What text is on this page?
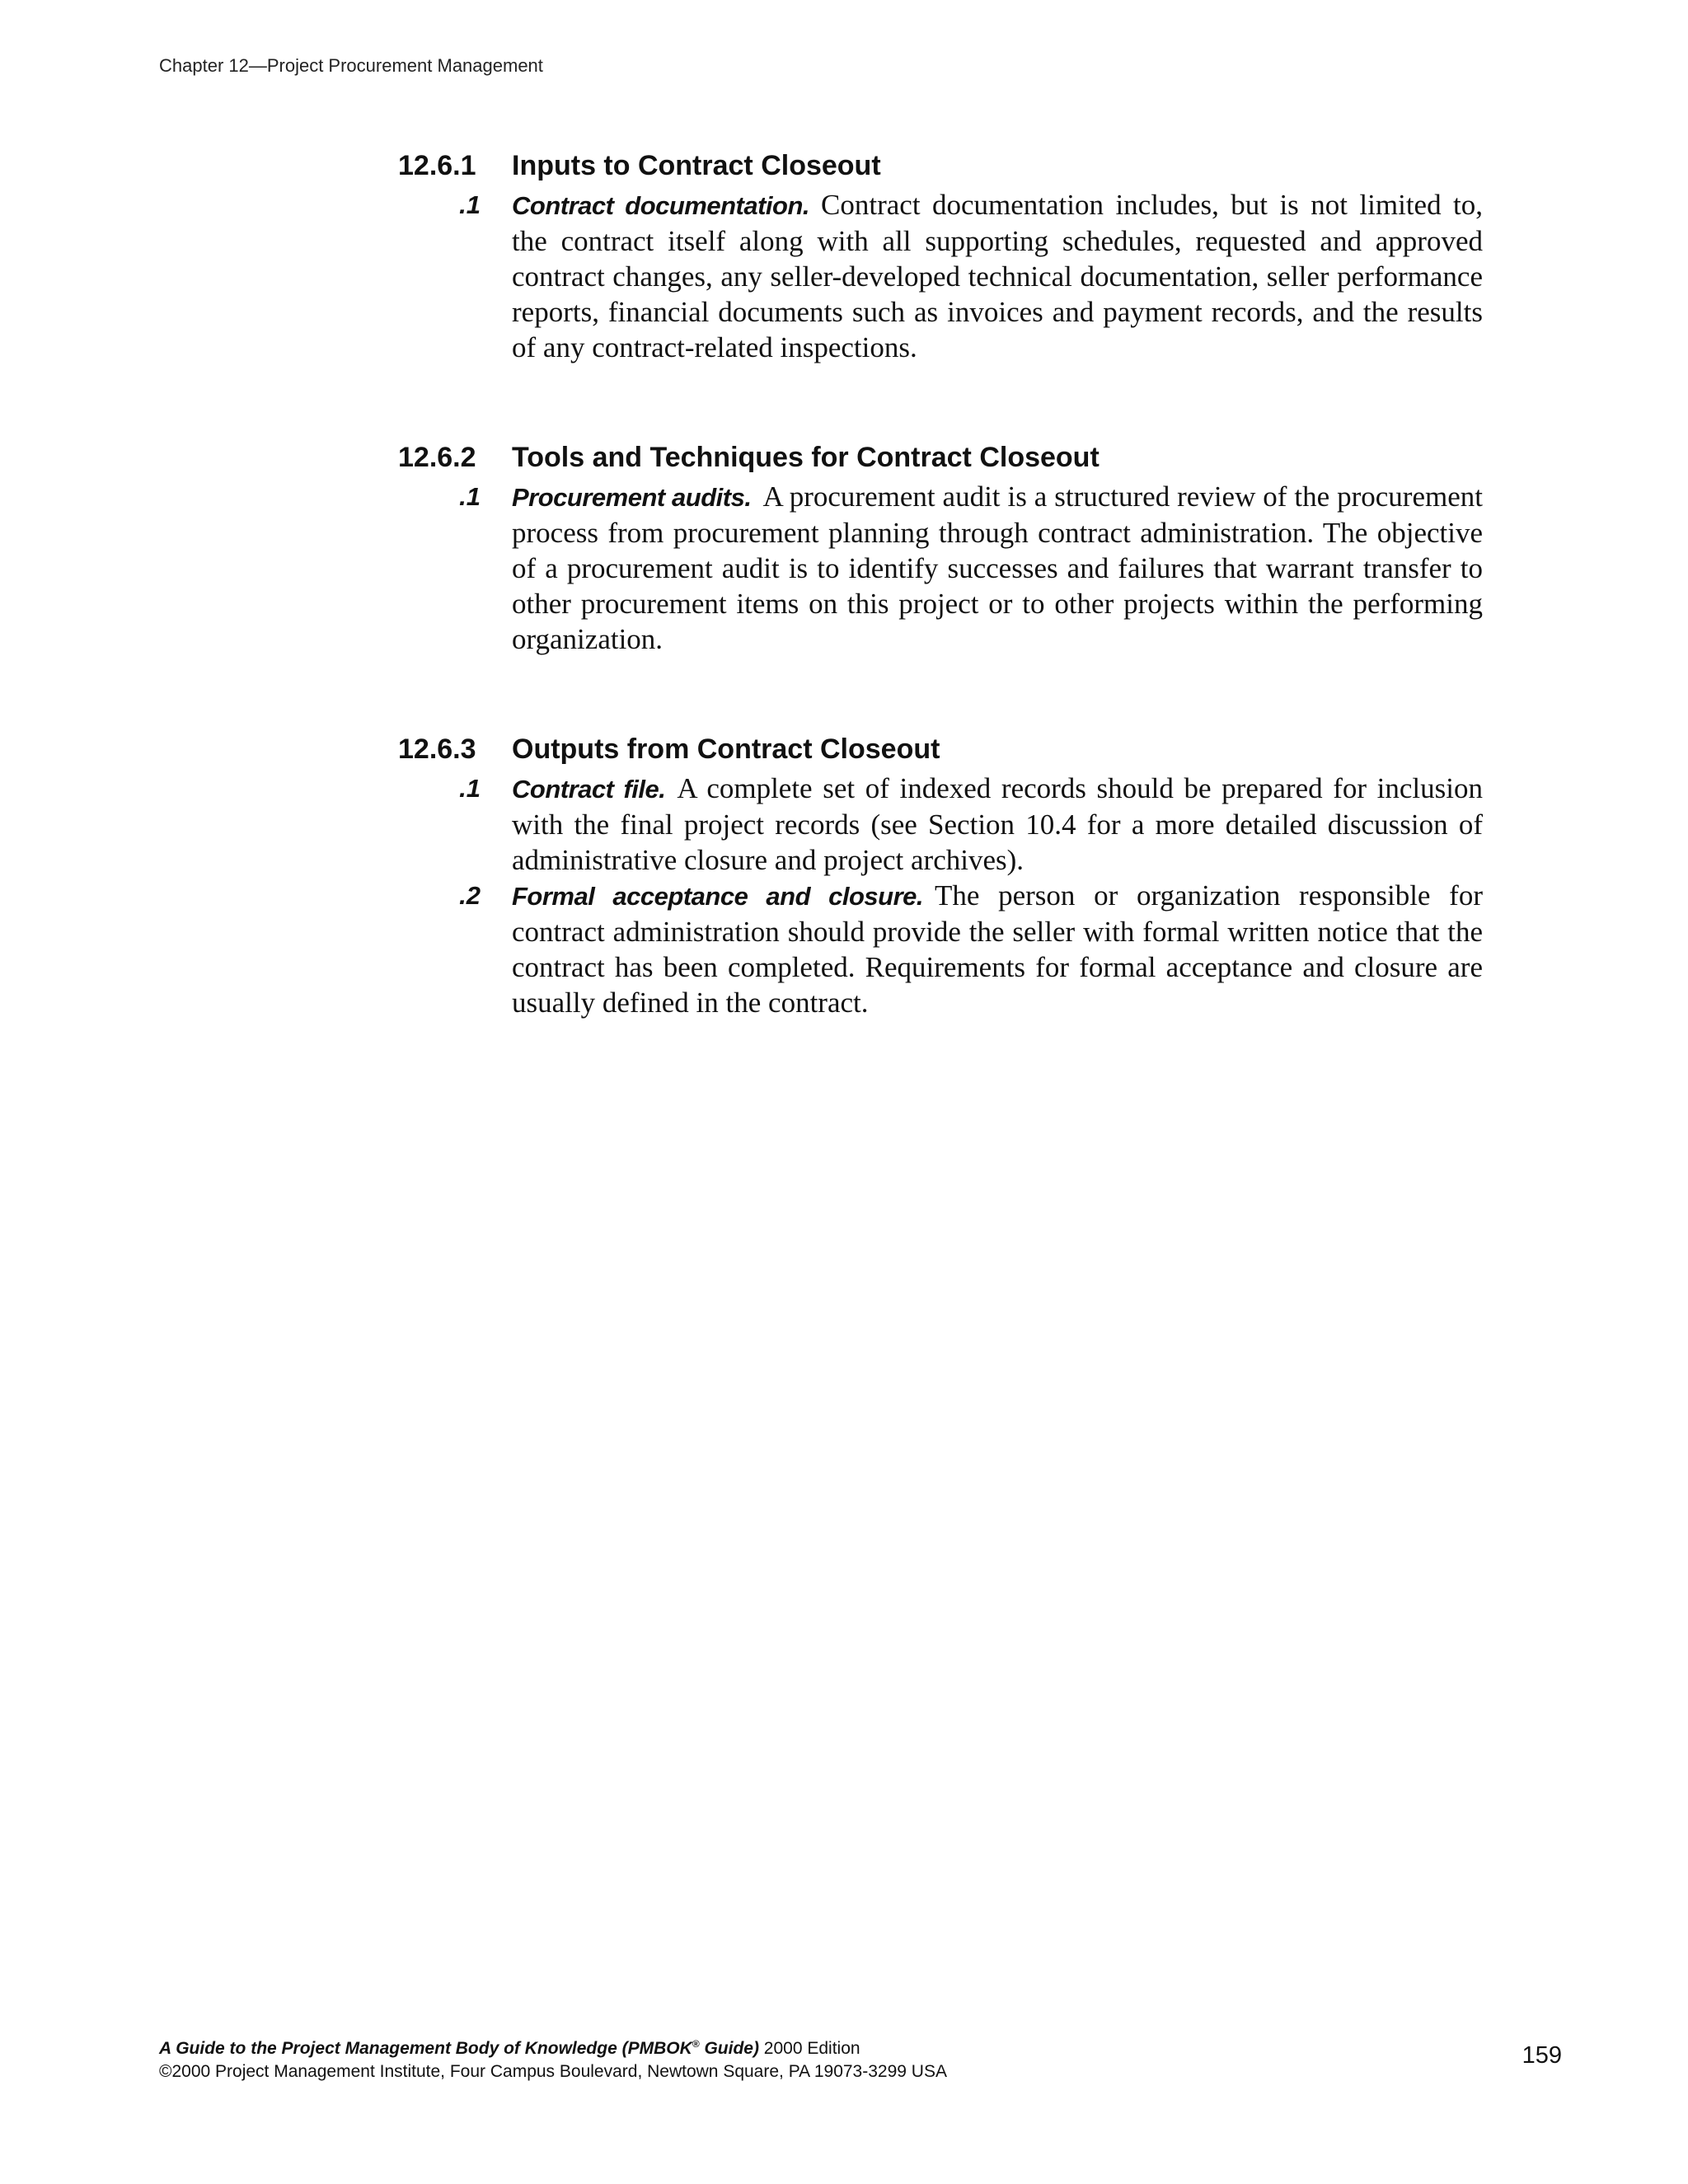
Chapter 12—Project Procurement Management
12.6.1	Inputs to Contract Closeout
.1	Contract documentation. Contract documentation includes, but is not limited to, the contract itself along with all supporting schedules, requested and approved contract changes, any seller-developed technical documentation, seller performance reports, financial documents such as invoices and payment records, and the results of any contract-related inspections.
12.6.2	Tools and Techniques for Contract Closeout
.1	Procurement audits. A procurement audit is a structured review of the procurement process from procurement planning through contract administration. The objective of a procurement audit is to identify successes and failures that warrant transfer to other procurement items on this project or to other projects within the performing organization.
12.6.3	Outputs from Contract Closeout
.1	Contract file. A complete set of indexed records should be prepared for inclusion with the final project records (see Section 10.4 for a more detailed discussion of administrative closure and project archives).
.2	Formal acceptance and closure. The person or organization responsible for contract administration should provide the seller with formal written notice that the contract has been completed. Requirements for formal acceptance and closure are usually defined in the contract.
A Guide to the Project Management Body of Knowledge (PMBOK® Guide) 2000 Edition
©2000 Project Management Institute, Four Campus Boulevard, Newtown Square, PA 19073-3299 USA
159
